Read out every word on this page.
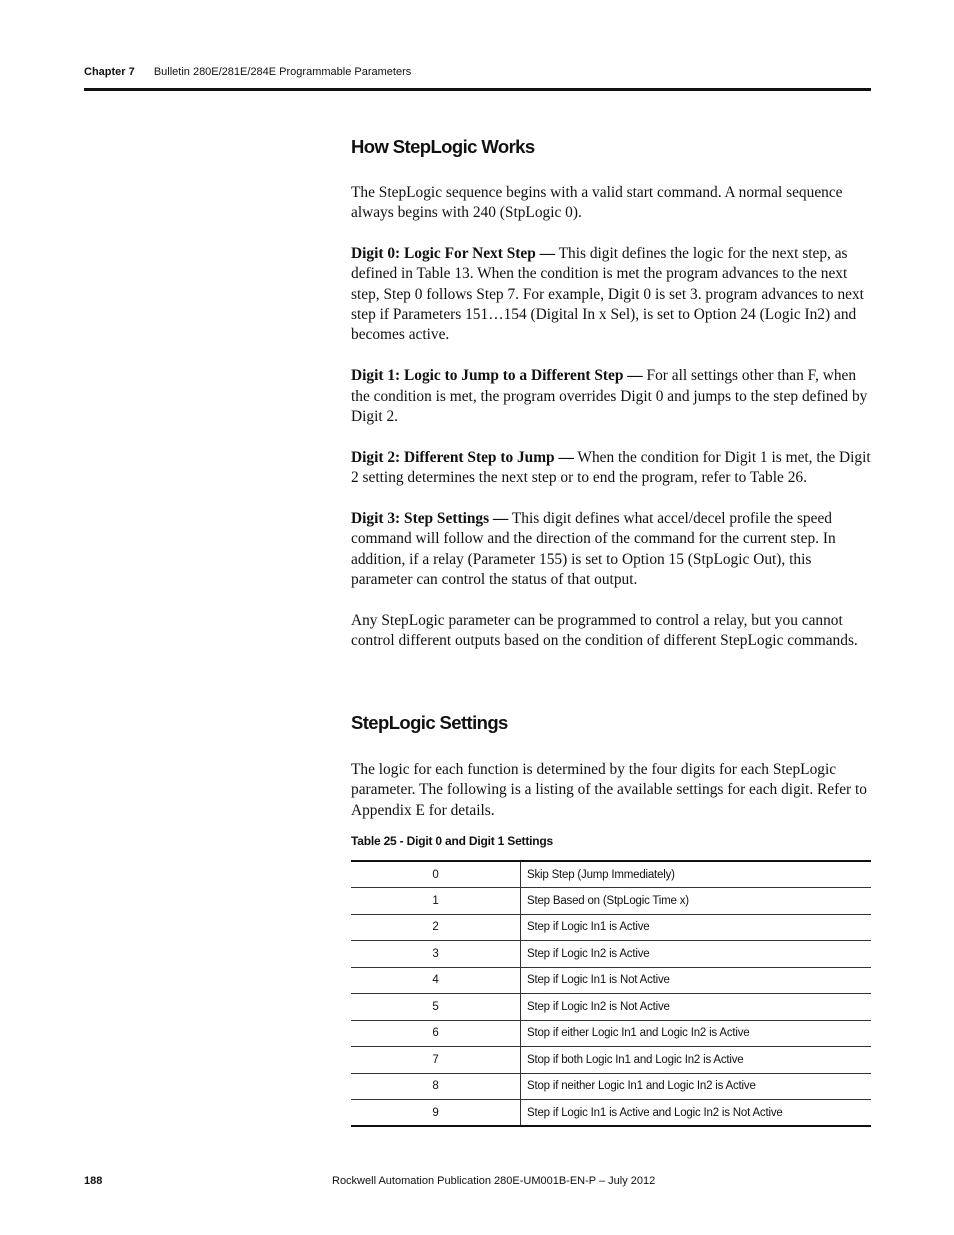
Chapter 7 Bulletin 280E/281E/284E Programmable Parameters
How StepLogic Works

The StepLogic sequence begins with a valid start command. A normal sequence always begins with 240 (StpLogic 0).

Digit 0: Logic For Next Step — This digit defines the logic for the next step, as defined in Table 13. When the condition is met the program advances to the next step, Step 0 follows Step 7. For example, Digit 0 is set 3. program advances to next step if Parameters 151…154 (Digital In x Sel), is set to Option 24 (Logic In2) and becomes active.

Digit 1: Logic to Jump to a Different Step — For all settings other than F, when the condition is met, the program overrides Digit 0 and jumps to the step defined by Digit 2.

Digit 2: Different Step to Jump — When the condition for Digit 1 is met, the Digit 2 setting determines the next step or to end the program, refer to Table 26.

Digit 3: Step Settings — This digit defines what accel/decel profile the speed command will follow and the direction of the command for the current step. In addition, if a relay (Parameter 155) is set to Option 15 (StpLogic Out), this parameter can control the status of that output.

Any StepLogic parameter can be programmed to control a relay, but you cannot control different outputs based on the condition of different StepLogic commands.

StepLogic Settings

The logic for each function is determined by the four digits for each StepLogic parameter. The following is a listing of the available settings for each digit. Refer to Appendix E for details.

Table 25 - Digit 0 and Digit 1 Settings
0	Skip Step (Jump Immediately)
1	Step Based on (StpLogic Time x)
2	Step if Logic In1 is Active
3	Step if Logic In2 is Active
4	Step if Logic In1 is Not Active
5	Step if Logic In2 is Not Active
6	Stop if either Logic In1 and Logic In2 is Active
7	Stop if both Logic In1 and Logic In2 is Active
8	Stop if neither Logic In1 and Logic In2 is Active
9	Step if Logic In1 is Active and Logic In2 is Not Active
188	Rockwell Automation Publication 280E-UM001B-EN-P – July 2012
